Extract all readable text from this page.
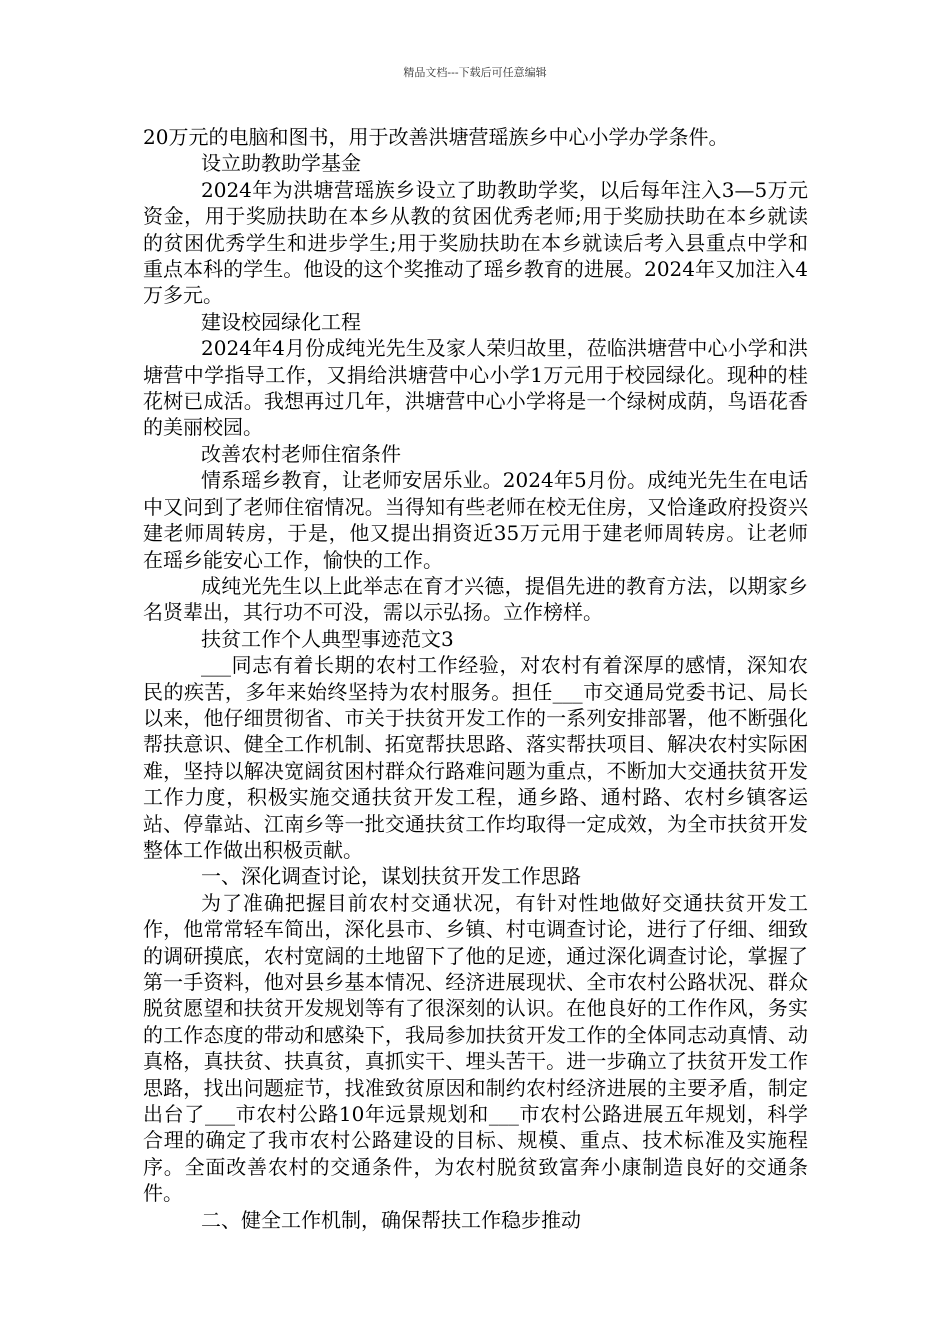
精品文档---下载后可任意编辑

20万元的电脑和图书，用于改善洪塘营瑶族乡中心小学办学条件。

设立助教助学基金

2024年为洪塘营瑶族乡设立了助教助学奖，以后每年注入3—5万元资金，用于奖励扶助在本乡从教的贫困优秀老师;用于奖励扶助在本乡就读的贫困优秀学生和进步学生;用于奖励扶助在本乡就读后考入县重点中学和重点本科的学生。他设的这个奖推动了瑶乡教育的进展。2024年又加注入4万多元。

建设校园绿化工程

2024年4月份成纯光先生及家人荣归故里，莅临洪塘营中心小学和洪塘营中学指导工作，又捐给洪塘营中心小学1万元用于校园绿化。现种的桂花树已成活。我想再过几年，洪塘营中心小学将是一个绿树成荫，鸟语花香的美丽校园。

改善农村老师住宿条件

情系瑶乡教育，让老师安居乐业。2024年5月份。成纯光先生在电话中又问到了老师住宿情况。当得知有些老师在校无住房，又恰逢政府投资兴建老师周转房，于是，他又提出捐资近35万元用于建老师周转房。让老师在瑶乡能安心工作，愉快的工作。

成纯光先生以上此举志在育才兴德，提倡先进的教育方法，以期家乡名贤辈出，其行功不可没，需以示弘扬。立作榜样。

扶贫工作个人典型事迹范文3

___同志有着长期的农村工作经验，对农村有着深厚的感情，深知农民的疾苦，多年来始终坚持为农村服务。担任___市交通局党委书记、局长以来，他仔细贯彻省、市关于扶贫开发工作的一系列安排部署，他不断强化帮扶意识、健全工作机制、拓宽帮扶思路、落实帮扶项目、解决农村实际困难，坚持以解决宽阔贫困村群众行路难问题为重点，不断加大交通扶贫开发工作力度，积极实施交通扶贫开发工程，通乡路、通村路、农村乡镇客运站、停靠站、江南乡等一批交通扶贫工作均取得一定成效，为全市扶贫开发整体工作做出积极贡献。

一、深化调查讨论，谋划扶贫开发工作思路

为了准确把握目前农村交通状况，有针对性地做好交通扶贫开发工作，他常常轻车简出，深化县市、乡镇、村屯调查讨论，进行了仔细、细致的调研摸底，农村宽阔的土地留下了他的足迹，通过深化调查讨论，掌握了第一手资料，他对县乡基本情况、经济进展现状、全市农村公路状况、群众脱贫愿望和扶贫开发规划等有了很深刻的认识。在他良好的工作作风，务实的工作态度的带动和感染下，我局参加扶贫开发工作的全体同志动真情、动真格，真扶贫、扶真贫，真抓实干、埋头苦干。进一步确立了扶贫开发工作思路，找出问题症节，找准致贫原因和制约农村经济进展的主要矛盾，制定出台了___市农村公路10年远景规划和___市农村公路进展五年规划，科学合理的确定了我市农村公路建设的目标、规模、重点、技术标准及实施程序。全面改善农村的交通条件，为农村脱贫致富奔小康制造良好的交通条件。

二、健全工作机制，确保帮扶工作稳步推动
